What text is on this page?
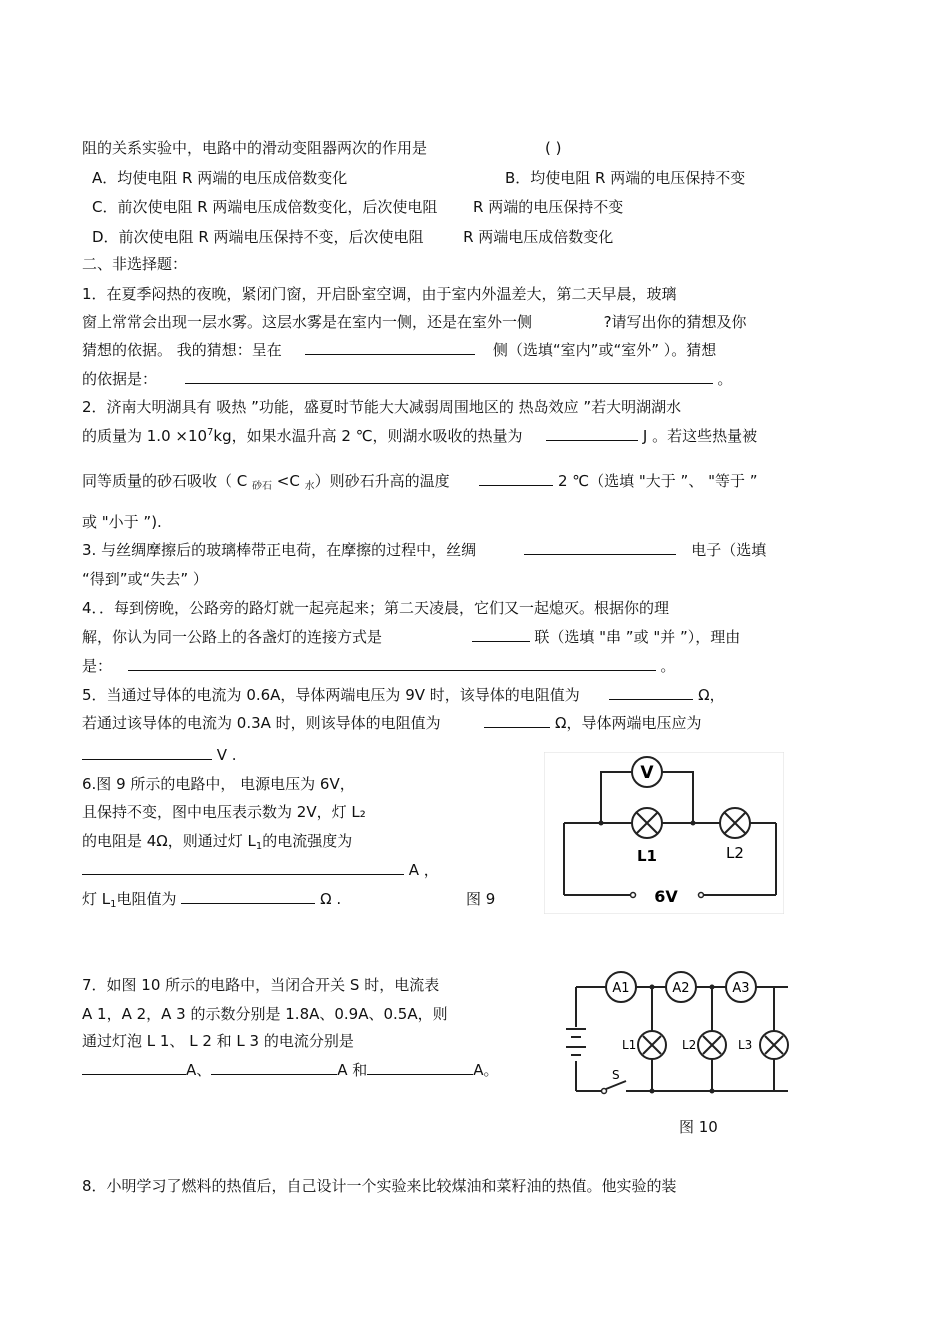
阻的关系实验中，电路中的滑动变阻器两次的作用是	( )
A．均使电阻 R 两端的电压成倍数变化	B．均使电阻 R 两端的电压保持不变
C．前次使电阻 R 两端电压成倍数变化，后次使电阻 R 两端的电压保持不变
D．前次使电阻 R 两端电压保持不变，后次使电阻	R 两端电压成倍数变化
二、非选择题：
1．在夏季闷热的夜晚，紧闭门窗，开启卧室空调，由于室内外温差大，第二天早晨，玻璃
窗上常常会出现一层水雾。这层水雾是在室内一侧，还是在室外一侧	?请写出你的猜想及你
猜想的依据。 我的猜想：呈在	侧（选填“室内”或“室外” ）。猜想
的依据是：	。
2．济南大明湖具有 吸热 ”功能，盛夏时节能大大减弱周围地区的 热岛效应 ”若大明湖湖水
的质量为 $1.0 \times 10^7kg$，如果水温升高 2 ℃，则湖水吸收的热量为	J 。若这些热量被
同等质量的砂石吸收（ C $_{砂石}$ <C $_水$）则砂石升高的温度	2 ℃（选填 "大于 ”、 "等于 ”
或 "小于 ”).
3. 与丝绸摩擦后的玻璃棒带正电荷，在摩擦的过程中，丝绸	电子（选填
“得到”或“失去” ）
4．．每到傍晚，公路旁的路灯就一起亮起来；第二天凌晨，它们又一起熄灭。根据你的理
解，你认为同一公路上的各盏灯的连接方式是	联（选填 "串 ”或 "并 ”），理由
是：	。
5．当通过导体的电流为 0.6A，导体两端电压为 9V 时，该导体的电阻值为	Ω，
若通过该导体的电流为 0.3A 时，则该导体的电阻值为	Ω，导体两端电压应为
V .
6.图 9 所示的电路中， 电源电压为 6V，
且保持不变，图中电压表示数为 2V，灯 L₂
的电阻是 4Ω，则通过灯 $L_1$的电流强度为
A ，
灯 $L_1$电阻值为	Ω .	图 9
V
L1	L2
6V
7．如图 10 所示的电路中，当闭合开关 S 时，电流表
A 1，A 2，A 3 的示数分别是 1.8A、0.9A、0.5A，则
通过灯泡 L 1、 L 2 和 L 3 的电流分别是
A、	A 和	A。	S
A1	A2	A3
L1	L2	L3
图 10
8．小明学习了燃料的热值后，自己设计一个实验来比较煤油和菜籽油的热值。他实验的装
